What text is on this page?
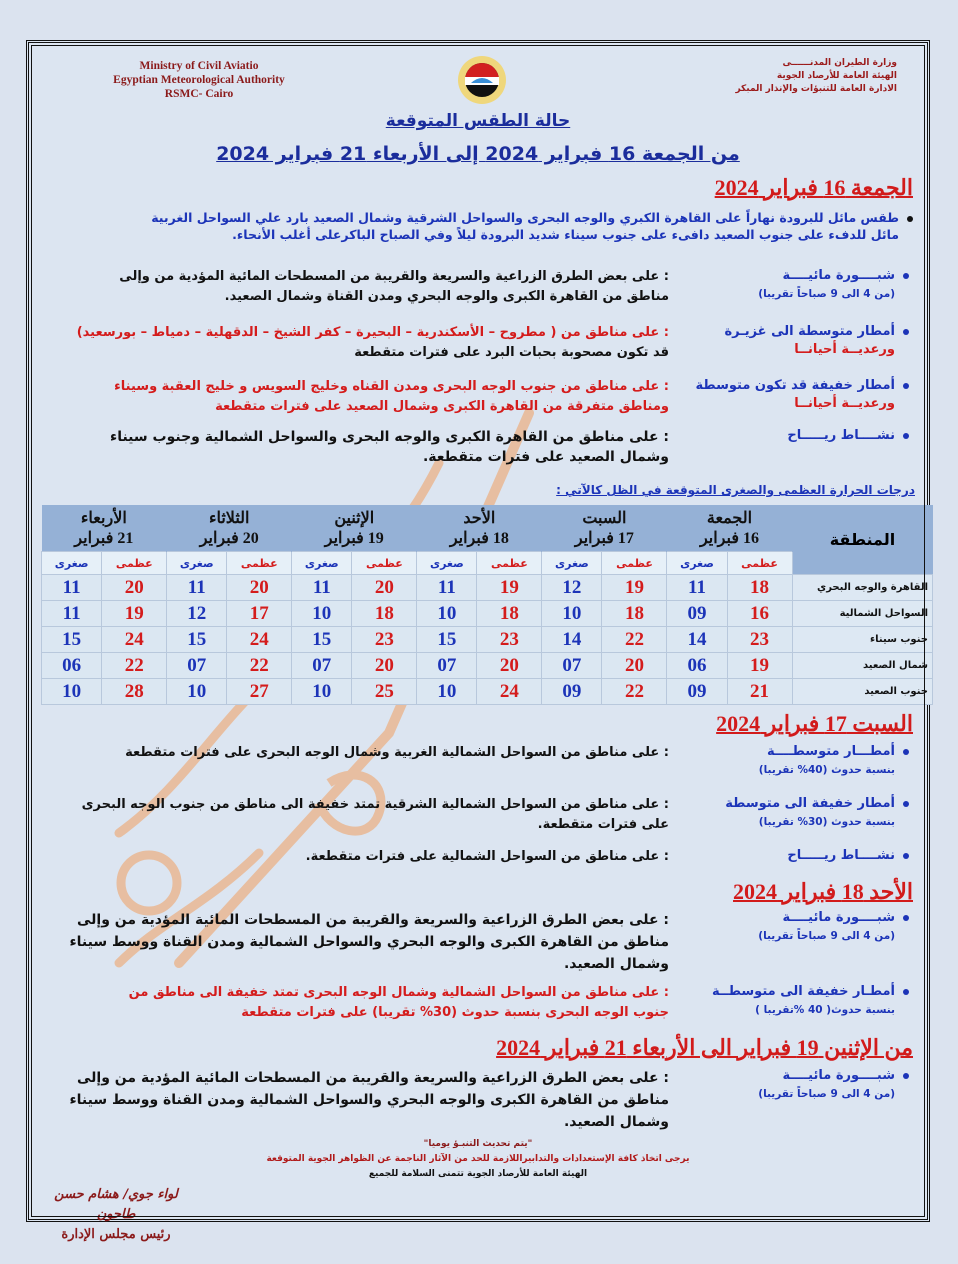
Ministry of Civil Aviatio
Egyptian Meteorological Authority
RSMC- Cairo
وزارة الطيران المدنــــــى
الهيئة العامة للأرصاد الجوية
الادارة العامة للتنبؤات والإنذار المبكر
حالة الطقس المتوقعة
من الجمعة 16 فبراير 2024 إلى الأربعاء 21 فبراير 2024
الجمعة 16 فبراير 2024
طقس مائل للبرودة نهاراً على القاهرة الكبري والوجه البحرى والسواحل الشرقية وشمال الصعيد بارد علي السواحل الغربية
مائل للدفء على جنوب الصعيد دافىء على جنوب سيناء شديد البرودة ليلاً وفي الصباح الباكرعلى أغلب الأنحاء.
شبــــورة مائيــــة
(من 4 الى 9 صباحاً تقريبا)
: على بعض الطرق الزراعية والسريعة والقريبة من المسطحات المائية المؤدية من وإلى
مناطق من القاهرة الكبرى والوجه البحري ومدن القناة وشمال الصعيد.
أمطار متوسطة الى غزيـرة
ورعديــة أحيانــا
: على مناطق من ( مطروح – الأسكندرية – البحيرة – كفر الشيخ – الدقهلية – دمياط – بورسعيد)
قد تكون مصحوبة بحبات البرد على فترات متقطعة
أمطار خفيفة قد تكون متوسطة
ورعديــة أحيانــا
: على مناطق من جنوب الوجه البحرى ومدن القناه وخليج السويس و خليج العقبة وسيناء
ومناطق متفرقة من القاهرة الكبرى وشمال الصعيد على فترات متقطعة
نشــــاط ريـــــاح
: على مناطق من القاهرة الكبرى والوجه البحرى والسواحل الشمالية وجنوب سيناء
وشمال الصعيد على فترات متقطعة.
درجات الحرارة العظمى والصغرى المتوقعة في الظل كالآتي :
المنطقة	
الجمعة
16 فبراير

السبت
17 فبراير

الأحد
18 فبراير

الإثنين
19 فبراير

الثلاثاء
20 فبراير

الأربعاء
21 فبراير

	عظمى	صغرى	عظمى	صغرى	عظمى	صغرى	عظمى	صغرى	عظمى	صغرى	عظمى	صغرى
القاهرة والوجه البحري	18	11	19	12	19	11	20	11	20	11	20	11
السواحل الشمالية	16	09	18	10	18	10	18	10	17	12	19	11
جنوب سيناء	23	14	22	14	23	15	23	15	24	15	24	15
شمال الصعيد	19	06	20	07	20	07	20	07	22	07	22	06
جنوب الصعيد	21	09	22	09	24	10	25	10	27	10	28	10
السبت 17 فبراير 2024
أمطـــار متوسطــــة
بنسبة حدوث (40% تقريبا)
: على مناطق من السواحل الشمالية الغربية وشمال الوجه البحرى على فترات متقطعة
أمطار خفيفة الى متوسطة
بنسبة حدوث (30% تقريبا)
: على مناطق من السواحل الشمالية الشرقية تمتد خفيفة الى مناطق من جنوب الوجه البحرى
على فترات متقطعة.
نشــــاط ريـــــاح
: على مناطق من السواحل الشمالية على فترات متقطعة.
الأحد 18 فبراير 2024
شبــــورة مائيــــة
(من 4 الى 9 صباحاً تقريبا)
: على بعض الطرق الزراعية والسريعة والقريبة من المسطحات المائية المؤدية من وإلى
مناطق من القاهرة الكبرى والوجه البحري والسواحل الشمالية ومدن القناة ووسط سيناء
وشمال الصعيد.
أمطـار خفيفة الى متوسطــة
بنسبة حدوث( 40 %تقريبا )
: على مناطق من السواحل الشمالية وشمال الوجه البحرى تمتد خفيفة الى مناطق من
جنوب الوجه البحرى بنسبة حدوث (30% تقريبا) على فترات متقطعة
من الإثنين 19 فبراير الى الأربعاء 21 فبراير 2024
شبــــورة مائيــــة
(من 4 الى 9 صباحاً تقريبا)
: على بعض الطرق الزراعية والسريعة والقريبة من المسطحات المائية المؤدية من وإلى
مناطق من القاهرة الكبرى والوجه البحري والسواحل الشمالية ومدن القناة ووسط سيناء
وشمال الصعيد.
"يتم تحديث التنبـؤ يوميا"
يرجى اتخاذ كافة الإستعدادات والتدابيراللازمة للحد من الآثار الناجمة عن الظواهر الجوية المتوقعة
الهيئة العامة للأرصاد الجوية تتمنى السلامة للجميع
لواء جوي/ هشام حسن طاحون
رئيس مجلس الإدارة
